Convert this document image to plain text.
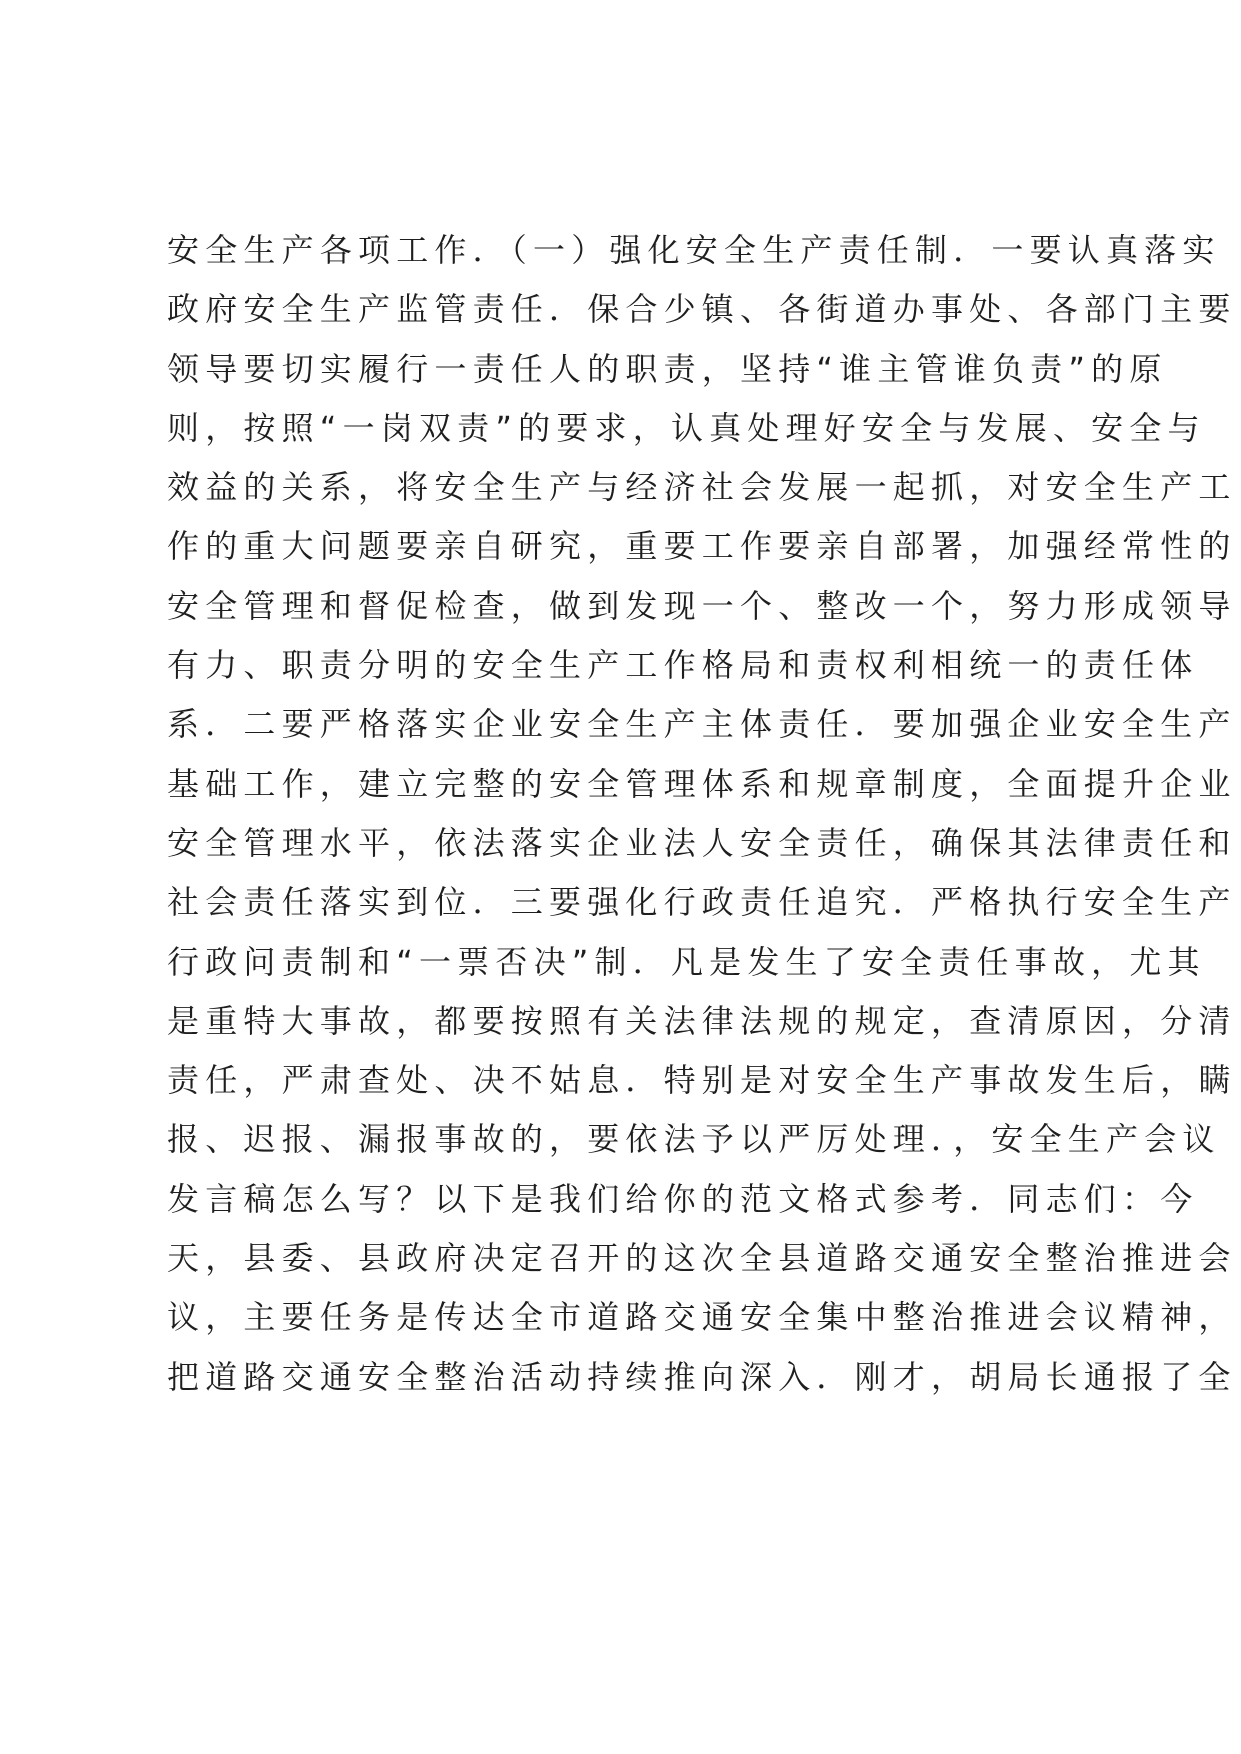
安全生产各项工作．（一）强化安全生产责任制．一要认真落实
政府安全生产监管责任．保合少镇、各街道办事处、各部门主要
领导要切实履行一责任人的职责，坚持“谁主管谁负责”的原
则，按照“一岗双责”的要求，认真处理好安全与发展、安全与
效益的关系，将安全生产与经济社会发展一起抓，对安全生产工
作的重大问题要亲自研究，重要工作要亲自部署，加强经常性的
安全管理和督促检查，做到发现一个、整改一个，努力形成领导
有力、职责分明的安全生产工作格局和责权利相统一的责任体
系．二要严格落实企业安全生产主体责任．要加强企业安全生产
基础工作，建立完整的安全管理体系和规章制度，全面提升企业
安全管理水平，依法落实企业法人安全责任，确保其法律责任和
社会责任落实到位．三要强化行政责任追究．严格执行安全生产
行政问责制和“一票否决”制．凡是发生了安全责任事故，尤其
是重特大事故，都要按照有关法律法规的规定，查清原因，分清
责任，严肃查处、决不姑息．特别是对安全生产事故发生后，瞒
报、迟报、漏报事故的，要依法予以严厉处理．，安全生产会议
发言稿怎么写？以下是我们给你的范文格式参考．同志们：今
天，县委、县政府决定召开的这次全县道路交通安全整治推进会
议，主要任务是传达全市道路交通安全集中整治推进会议精神，
把道路交通安全整治活动持续推向深入．刚才，胡局长通报了全
